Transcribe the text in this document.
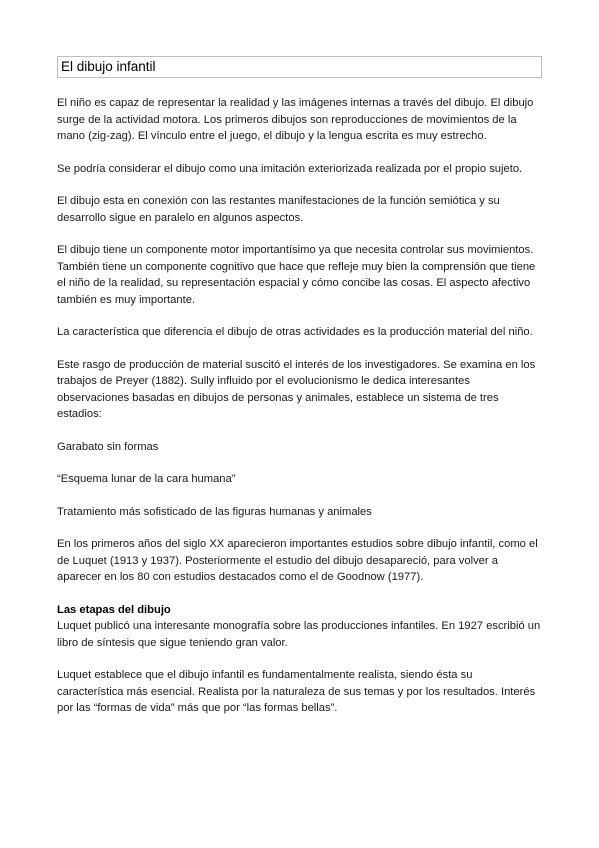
El dibujo infantil

El niño es capaz de representar la realidad y las imágenes internas a través del dibujo. El dibujo surge de la actividad motora. Los primeros dibujos son reproducciones de movimientos de la mano (zig-zag). El vínculo entre el juego, el dibujo y la lengua escrita es muy estrecho.

Se podría considerar el dibujo como una imitación exteriorizada realizada por el propio sujeto.

El dibujo esta en conexión con las restantes manifestaciones de la función semiótica y su desarrollo sigue en paralelo en algunos aspectos.

El dibujo tiene un componente motor importantísimo ya que necesita controlar sus movimientos. También tiene un componente cognitivo que hace que refleje muy bien la comprensión que tiene el niño de la realidad, su representación espacial y cómo concibe las cosas. El aspecto afectivo también es muy importante.

La característica que diferencia el dibujo de otras actividades es la producción material del niño.

Este rasgo de producción de material suscitó el interés de los investigadores. Se examina en los trabajos de Preyer (1882). Sully influido por el evolucionismo le dedica interesantes observaciones basadas en dibujos de personas y animales, establece un sistema de tres estadios:

Garabato sin formas

“Esquema lunar de la cara humana”

Tratamiento más sofisticado de las figuras humanas y animales

En los primeros años del siglo XX aparecieron importantes estudios sobre dibujo infantil, como el de Luquet (1913 y 1937). Posteriormente el estudio del dibujo desapareció, para volver a aparecer en los 80 con estudios destacados como el de Goodnow (1977).

Las etapas del dibujo

Luquet publicó una interesante monografía sobre las producciones infantiles. En 1927 escribió un libro de síntesis que sigue teniendo gran valor.

Luquet establece que el dibujo infantil es fundamentalmente realista, siendo ésta su característica más esencial. Realista por la naturaleza de sus temas y por los resultados. Interés por las “formas de vida” más que por “las formas bellas”.
